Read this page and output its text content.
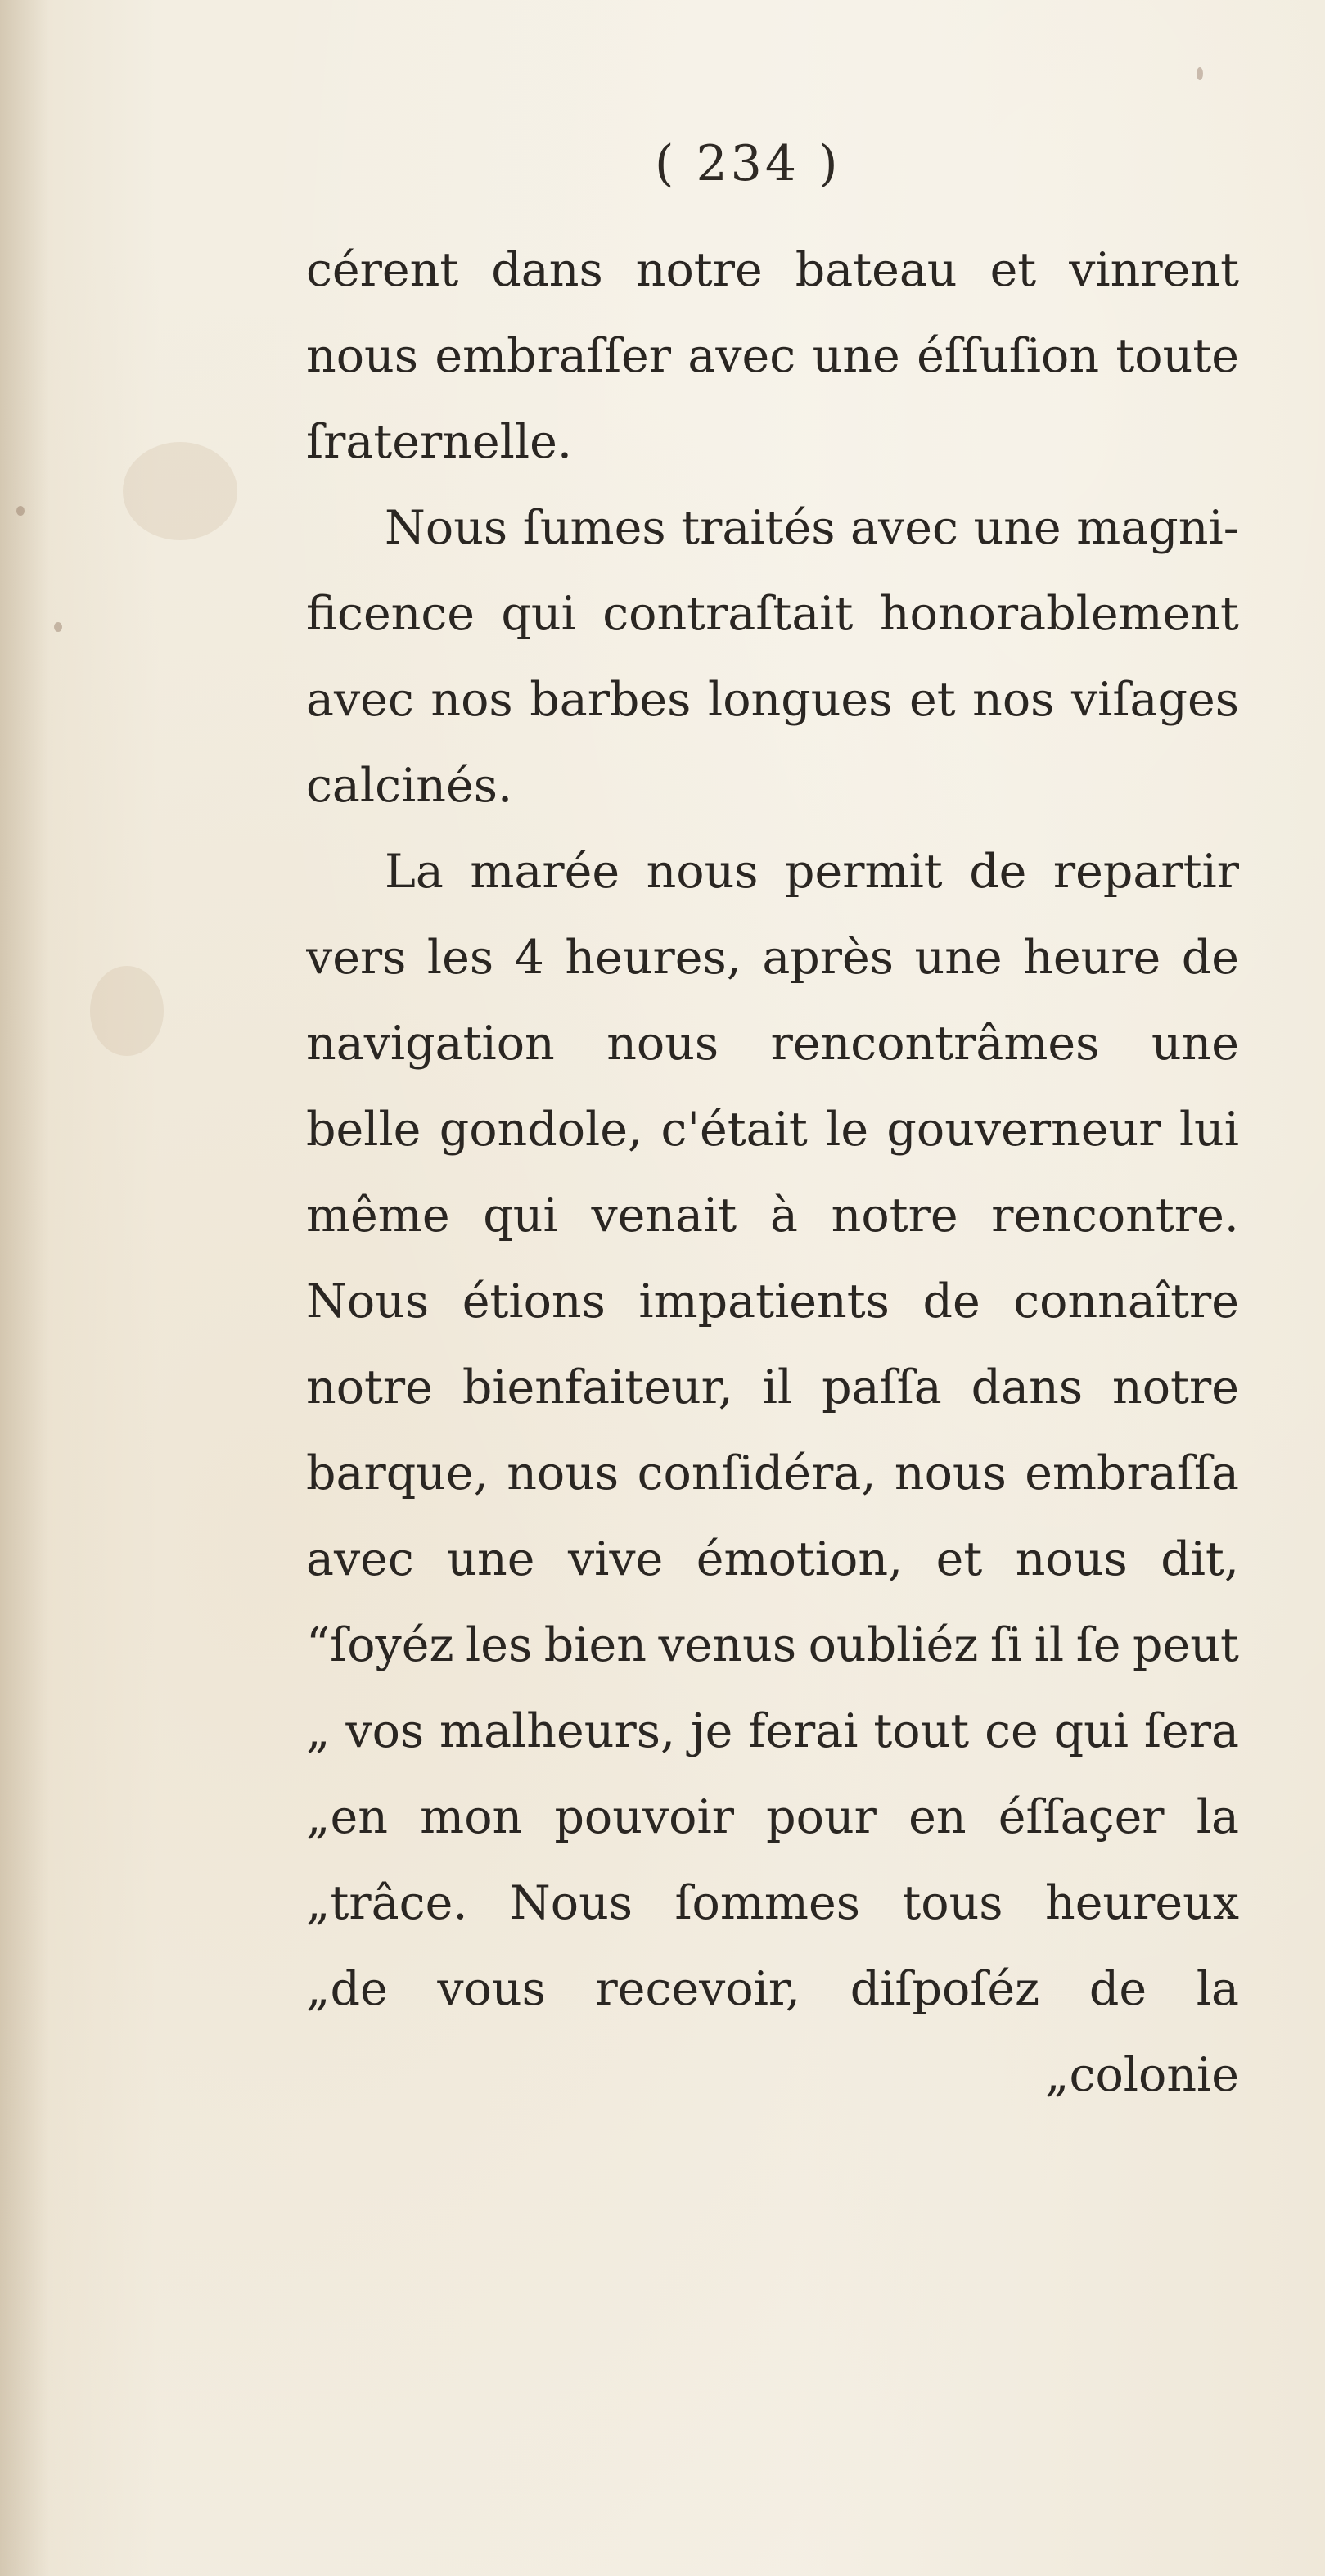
( 234 )
cérent dans notre bateau et vinrent
nous embraſſer avec une éſſuſion toute
ſraternelle.
Nous ſumes traités avec une magni-
ficence qui contraſtait honorablement
avec nos barbes longues et nos viſages
calcinés.
La marée nous permit de repartir
vers les 4 heures, après une heure de
navigation nous rencontrâmes une
belle gondole, c'était le gouverneur lui
même qui venait à notre rencontre.
Nous étions impatients de connaître
notre bienfaiteur, il paſſa dans notre
barque, nous conſidéra, nous embraſſa
avec une vive émotion, et nous dit,
“ſoyéz les bien venus oubliéz ſi il ſe peut
„ vos malheurs, je ferai tout ce qui ſera
„en mon pouvoir pour en éſſaçer la
„trâce. Nous ſommes tous heureux
„de vous recevoir, diſpoſéz de la
„colonie
